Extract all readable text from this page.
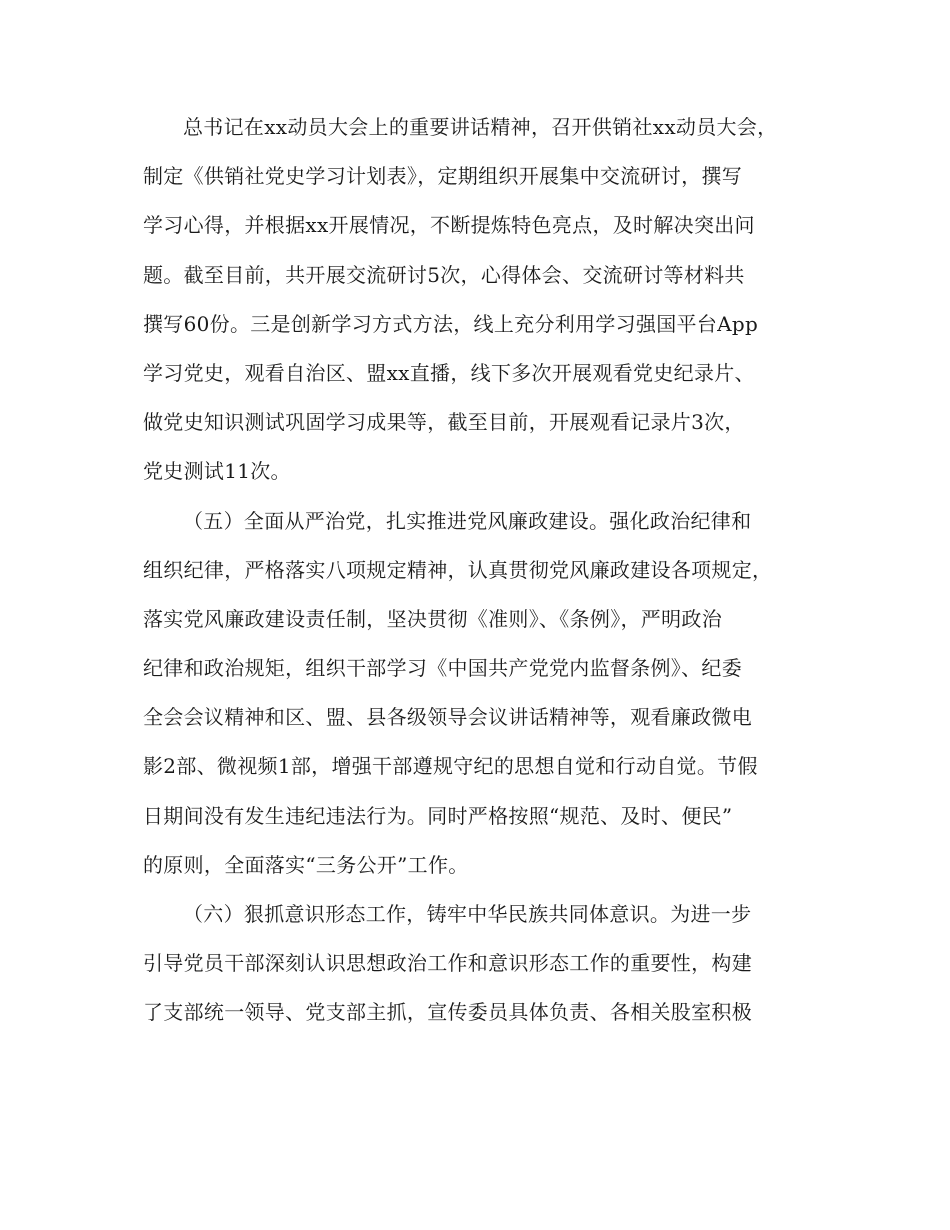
总书记在xx动员大会上的重要讲话精神，召开供销社xx动员大会，
制定《供销社党史学习计划表》，定期组织开展集中交流研讨，撰写
学习心得，并根据xx开展情况，不断提炼特色亮点，及时解决突出问
题。截至目前，共开展交流研讨5次，心得体会、交流研讨等材料共
撰写60份。三是创新学习方式方法，线上充分利用学习强国平台App
学习党史，观看自治区、盟xx直播，线下多次开展观看党史纪录片、
做党史知识测试巩固学习成果等，截至目前，开展观看记录片3次，
党史测试11次。
（五）全面从严治党，扎实推进党风廉政建设。强化政治纪律和
组织纪律，严格落实八项规定精神，认真贯彻党风廉政建设各项规定，
落实党风廉政建设责任制，坚决贯彻《准则》、《条例》，严明政治
纪律和政治规矩，组织干部学习《中国共产党党内监督条例》、纪委
全会会议精神和区、盟、县各级领导会议讲话精神等，观看廉政微电
影2部、微视频1部，增强干部遵规守纪的思想自觉和行动自觉。节假
日期间没有发生违纪违法行为。同时严格按照“规范、及时、便民”
的原则，全面落实“三务公开”工作。
（六）狠抓意识形态工作，铸牢中华民族共同体意识。为进一步
引导党员干部深刻认识思想政治工作和意识形态工作的重要性，构建
了支部统一领导、党支部主抓，宣传委员具体负责、各相关股室积极
